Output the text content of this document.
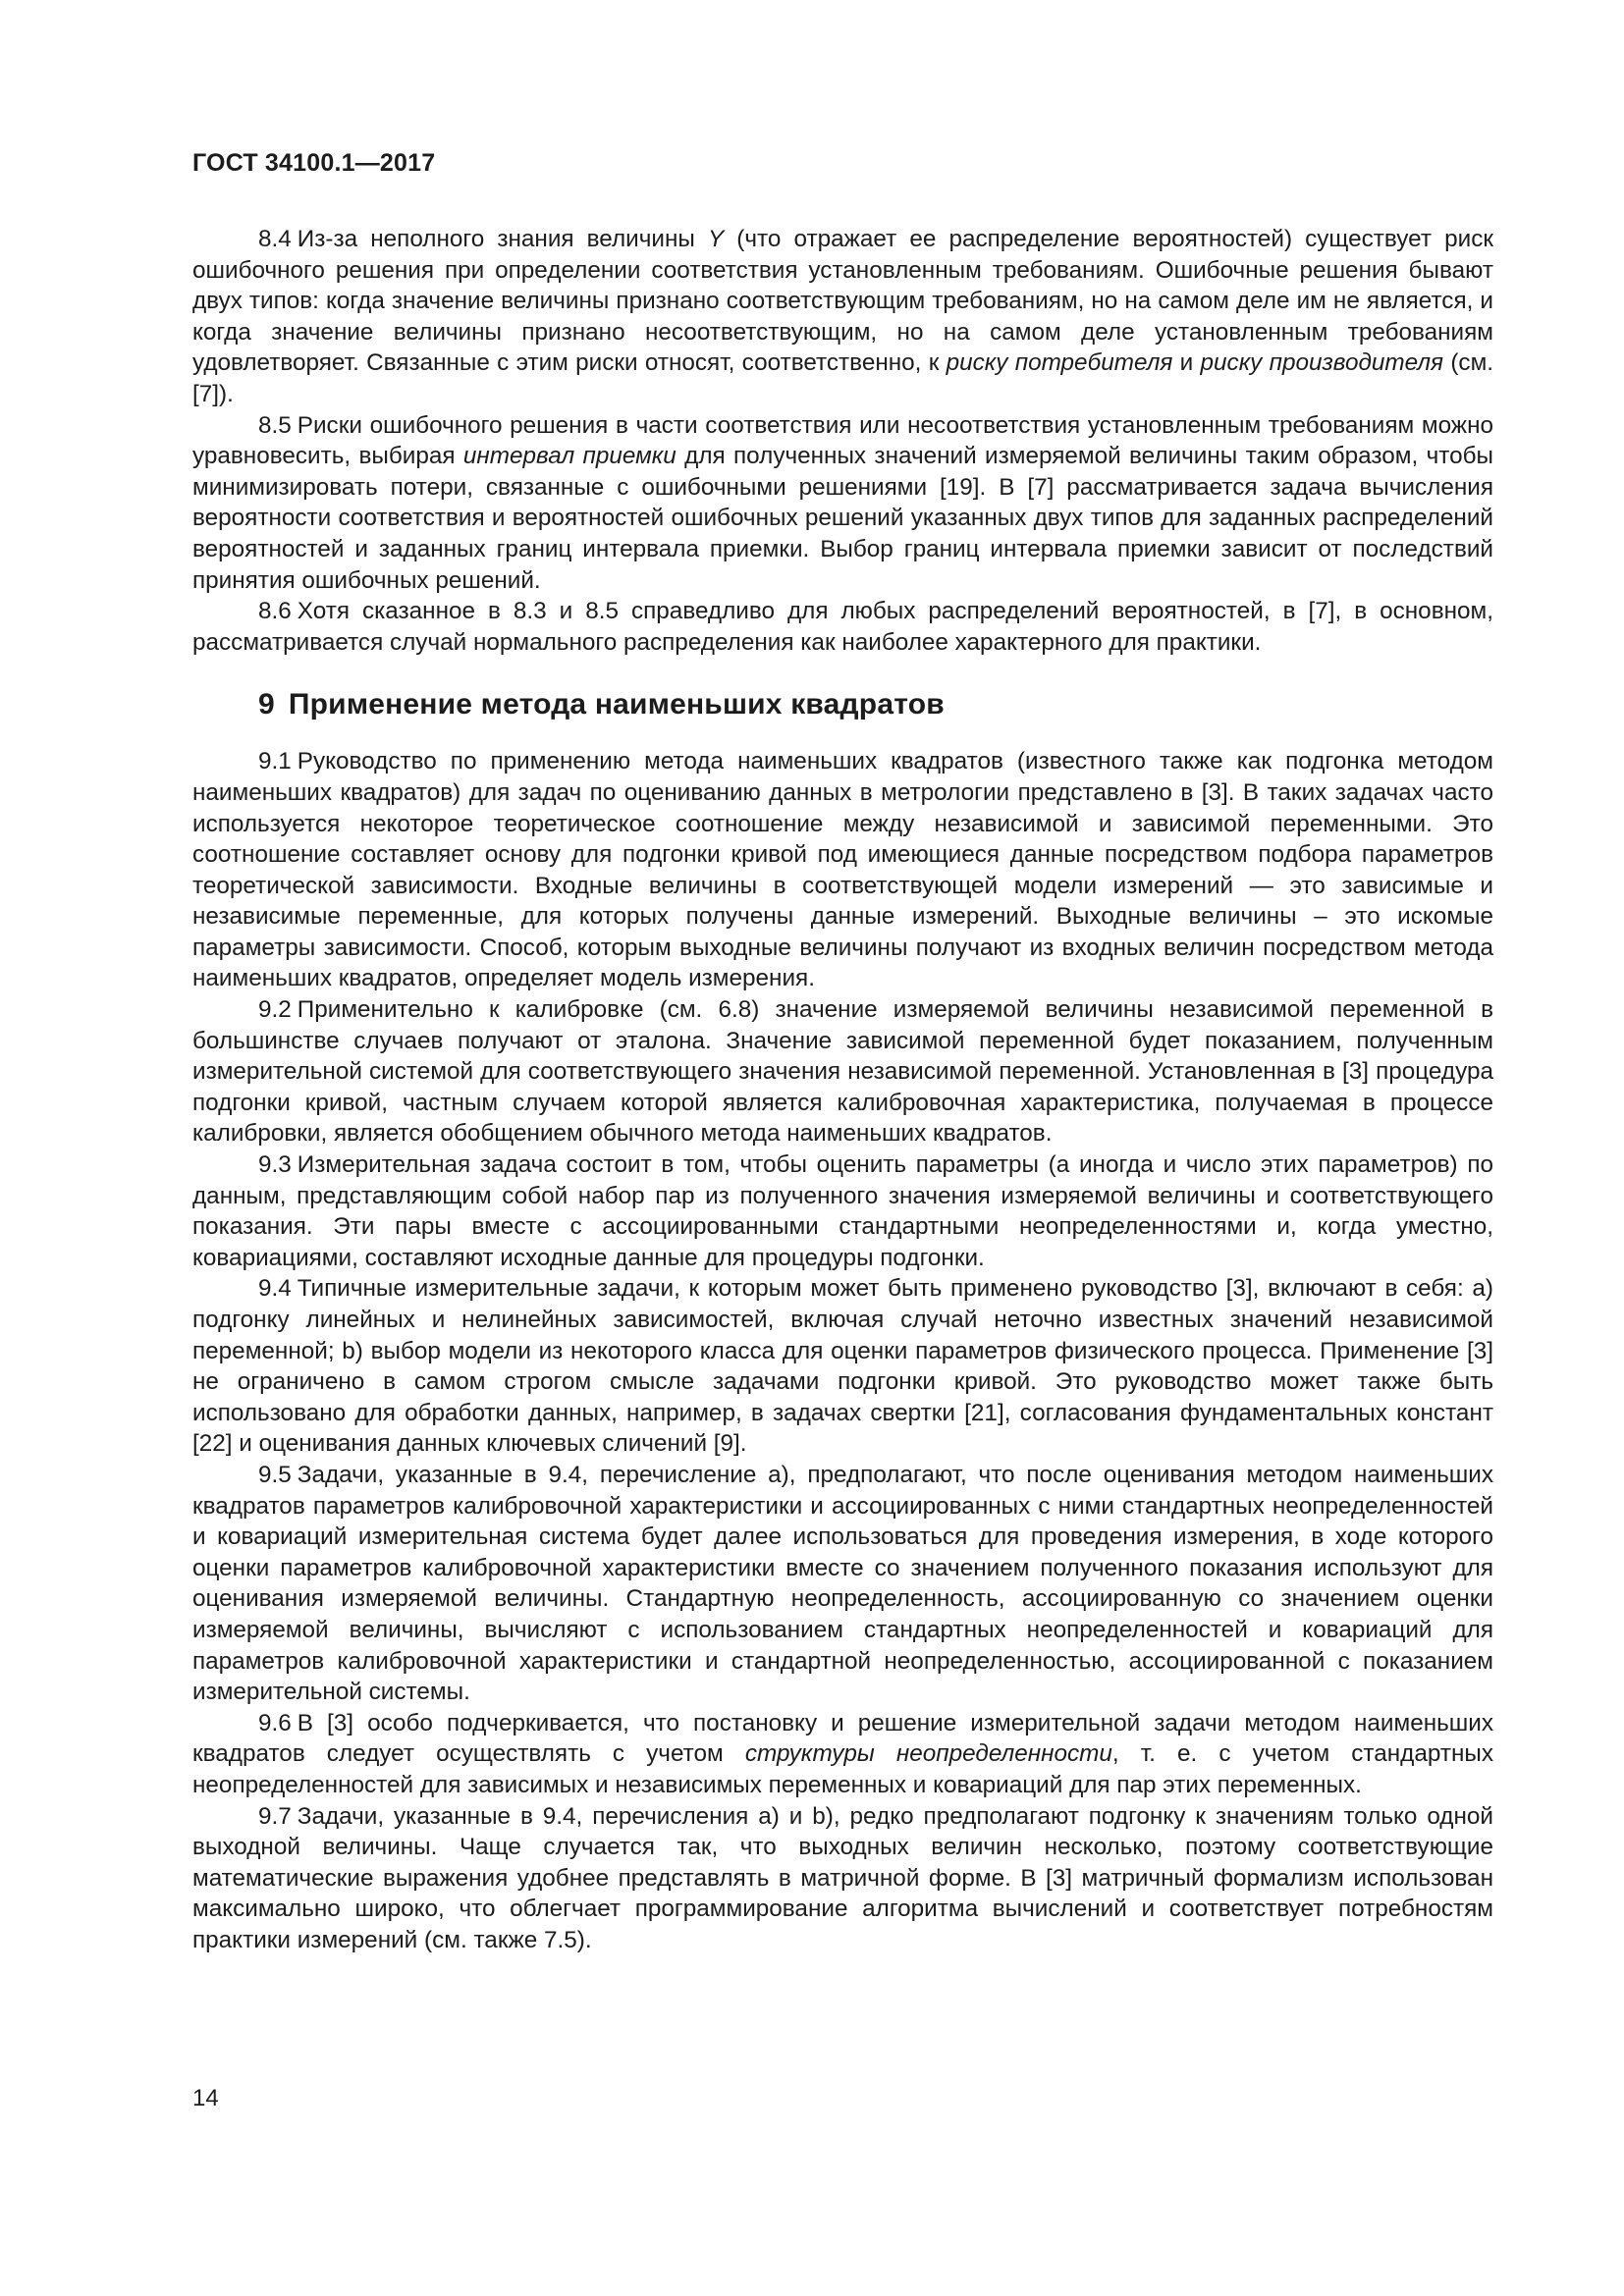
ГОСТ 34100.1—2017

8.4 Из-за неполного знания величины Y (что отражает ее распределение вероятностей) существует риск ошибочного решения при определении соответствия установленным требованиям. Ошибочные решения бывают двух типов: когда значение величины признано соответствующим требованиям, но на самом деле им не является, и когда значение величины признано несоответствующим, но на самом деле установленным требованиям удовлетворяет. Связанные с этим риски относят, соответственно, к риску потребителя и риску производителя (см. [7]).

8.5 Риски ошибочного решения в части соответствия или несоответствия установленным требованиям можно уравновесить, выбирая интервал приемки для полученных значений измеряемой величины таким образом, чтобы минимизировать потери, связанные с ошибочными решениями [19]. В [7] рассматривается задача вычисления вероятности соответствия и вероятностей ошибочных решений указанных двух типов для заданных распределений вероятностей и заданных границ интервала приемки. Выбор границ интервала приемки зависит от последствий принятия ошибочных решений.

8.6 Хотя сказанное в 8.3 и 8.5 справедливо для любых распределений вероятностей, в [7], в основном, рассматривается случай нормального распределения как наиболее характерного для практики.

9 Применение метода наименьших квадратов

9.1 Руководство по применению метода наименьших квадратов (известного также как подгонка методом наименьших квадратов) для задач по оцениванию данных в метрологии представлено в [3]. В таких задачах часто используется некоторое теоретическое соотношение между независимой и зависимой переменными. Это соотношение составляет основу для подгонки кривой под имеющиеся данные посредством подбора параметров теоретической зависимости. Входные величины в соответствующей модели измерений — это зависимые и независимые переменные, для которых получены данные измерений. Выходные величины – это искомые параметры зависимости. Способ, которым выходные величины получают из входных величин посредством метода наименьших квадратов, определяет модель измерения.

9.2 Применительно к калибровке (см. 6.8) значение измеряемой величины независимой переменной в большинстве случаев получают от эталона. Значение зависимой переменной будет показанием, полученным измерительной системой для соответствующего значения независимой переменной. Установленная в [3] процедура подгонки кривой, частным случаем которой является калибровочная характеристика, получаемая в процессе калибровки, является обобщением обычного метода наименьших квадратов.

9.3 Измерительная задача состоит в том, чтобы оценить параметры (а иногда и число этих параметров) по данным, представляющим собой набор пар из полученного значения измеряемой величины и соответствующего показания. Эти пары вместе с ассоциированными стандартными неопределенностями и, когда уместно, ковариациями, составляют исходные данные для процедуры подгонки.

9.4 Типичные измерительные задачи, к которым может быть применено руководство [3], включают в себя: a) подгонку линейных и нелинейных зависимостей, включая случай неточно известных значений независимой переменной; b) выбор модели из некоторого класса для оценки параметров физического процесса. Применение [3] не ограничено в самом строгом смысле задачами подгонки кривой. Это руководство может также быть использовано для обработки данных, например, в задачах свертки [21], согласования фундаментальных констант [22] и оценивания данных ключевых сличений [9].

9.5 Задачи, указанные в 9.4, перечисление а), предполагают, что после оценивания методом наименьших квадратов параметров калибровочной характеристики и ассоциированных с ними стандартных неопределенностей и ковариаций измерительная система будет далее использоваться для проведения измерения, в ходе которого оценки параметров калибровочной характеристики вместе со значением полученного показания используют для оценивания измеряемой величины. Стандартную неопределенность, ассоциированную со значением оценки измеряемой величины, вычисляют с использованием стандартных неопределенностей и ковариаций для параметров калибровочной характеристики и стандартной неопределенностью, ассоциированной с показанием измерительной системы.

9.6 В [3] особо подчеркивается, что постановку и решение измерительной задачи методом наименьших квадратов следует осуществлять с учетом структуры неопределенности, т. е. с учетом стандартных неопределенностей для зависимых и независимых переменных и ковариаций для пар этих переменных.

9.7 Задачи, указанные в 9.4, перечисления a) и b), редко предполагают подгонку к значениям только одной выходной величины. Чаще случается так, что выходных величин несколько, поэтому соответствующие математические выражения удобнее представлять в матричной форме. В [3] матричный формализм использован максимально широко, что облегчает программирование алгоритма вычислений и соответствует потребностям практики измерений (см. также 7.5).

14
